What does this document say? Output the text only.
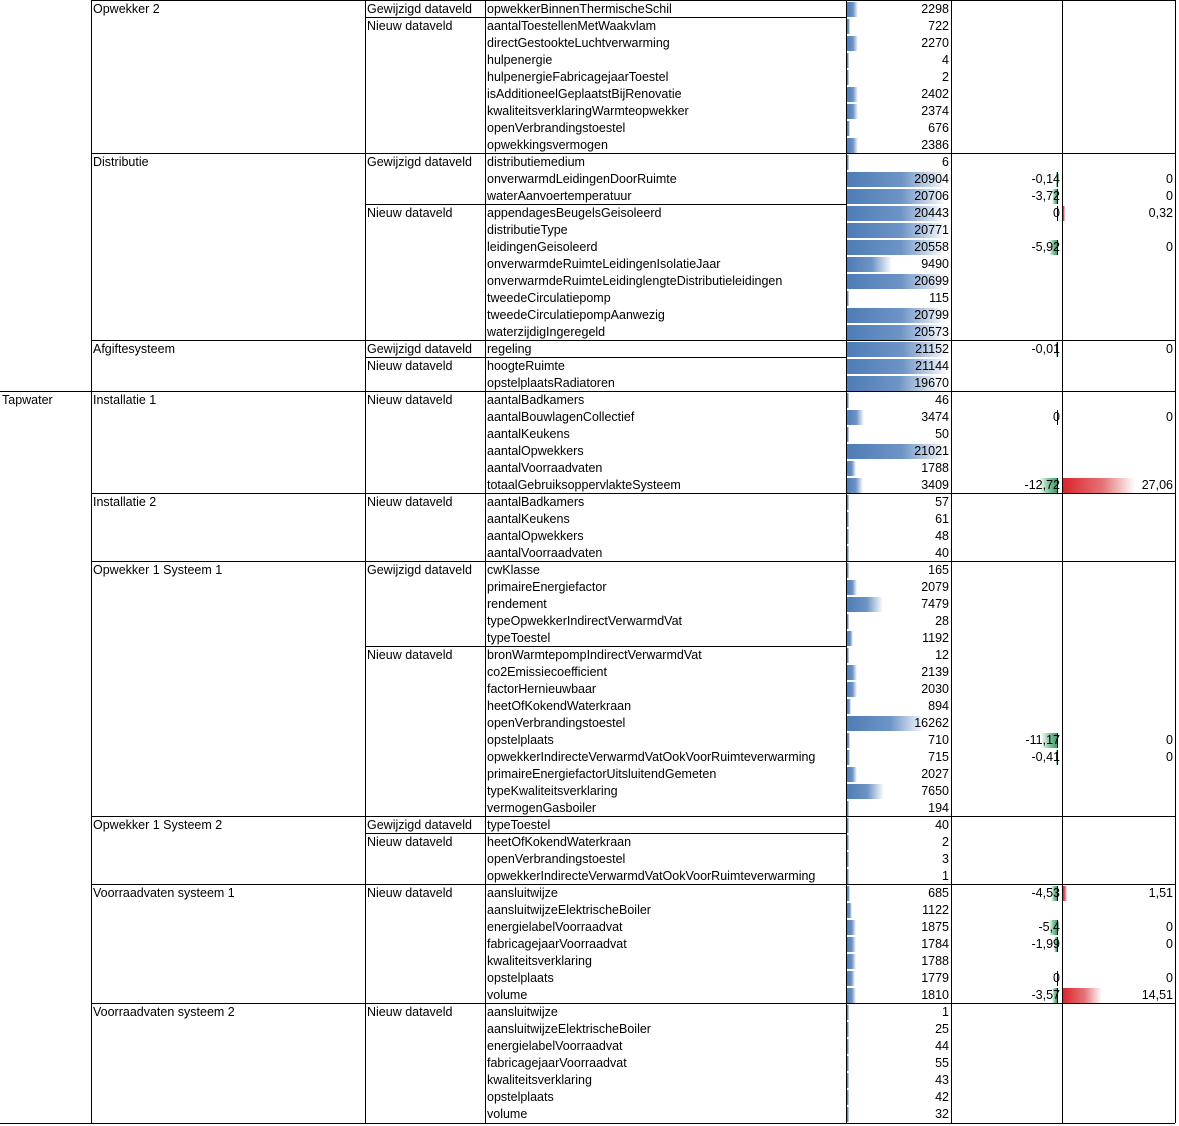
Opwekker 2	Gewijzigd dataveld	opwekkerBinnenThermischeSchil	2298
Nieuw dataveld	aantalToestellenMetWaakvlam	722
directGestookteLuchtverwarming	2270
hulpenergie	4
hulpenergieFabricagejaarToestel	2
isAdditioneelGeplaatstBijRenovatie	2402
kwaliteitsverklaringWarmteopwekker	2374
openVerbrandingstoestel	676
opwekkingsvermogen	2386
Distributie	Gewijzigd dataveld	distributiemedium	6
onverwarmdLeidingenDoorRuimte	20904	-0,14	0
waterAanvoertemperatuur	20706	-3,72	0
Nieuw dataveld	appendagesBeugelsGeisoleerd	20443	0	0,32
distributieType	20771
leidingenGeisoleerd	20558	-5,92	0
onverwarmdeRuimteLeidingenIsolatieJaar	9490
onverwarmdeRuimteLeidinglengteDistributieleidingen	20699
tweedeCirculatiepomp	115
tweedeCirculatiepompAanwezig	20799
waterzijdigIngeregeld	20573
Afgiftesysteem	Gewijzigd dataveld	regeling	21152	-0,01	0
Nieuw dataveld	hoogteRuimte	21144
opstelplaatsRadiatoren	19670
Tapwater	Installatie 1	Nieuw dataveld	aantalBadkamers	46
aantalBouwlagenCollectief	3474	0	0
aantalKeukens	50
aantalOpwekkers	21021
aantalVoorraadvaten	1788
totaalGebruiksoppervlakteSysteem	3409	-12,72	27,06
Installatie 2	Nieuw dataveld	aantalBadkamers	57
aantalKeukens	61
aantalOpwekkers	48
aantalVoorraadvaten	40
Opwekker 1 Systeem 1	Gewijzigd dataveld	cwKlasse	165
primaireEnergiefactor	2079
rendement	7479
typeOpwekkerIndirectVerwarmdVat	28
typeToestel	1192
Nieuw dataveld	bronWarmtepompIndirectVerwarmdVat	12
co2Emissiecoefficient	2139
factorHernieuwbaar	2030
heetOfKokendWaterkraan	894
openVerbrandingstoestel	16262
opstelplaats	710	-11,17	0
opwekkerIndirecteVerwarmdVatOokVoorRuimteverwarming	715	-0,41	0
primaireEnergiefactorUitsluitendGemeten	2027
typeKwaliteitsverklaring	7650
vermogenGasboiler	194
Opwekker 1 Systeem 2	Gewijzigd dataveld	typeToestel	40
Nieuw dataveld	heetOfKokendWaterkraan	2
openVerbrandingstoestel	3
opwekkerIndirecteVerwarmdVatOokVoorRuimteverwarming	1
Voorraadvaten systeem 1	Nieuw dataveld	aansluitwijze	685	-4,53	1,51
aansluitwijzeElektrischeBoiler	1122
energielabelVoorraadvat	1875	-5,4	0
fabricagejaarVoorraadvat	1784	-1,99	0
kwaliteitsverklaring	1788
opstelplaats	1779	0	0
volume	1810	-3,57	14,51
Voorraadvaten systeem 2	Nieuw dataveld	aansluitwijze	1
aansluitwijzeElektrischeBoiler	25
energielabelVoorraadvat	44
fabricagejaarVoorraadvat	55
kwaliteitsverklaring	43
opstelplaats	42
volume	32
